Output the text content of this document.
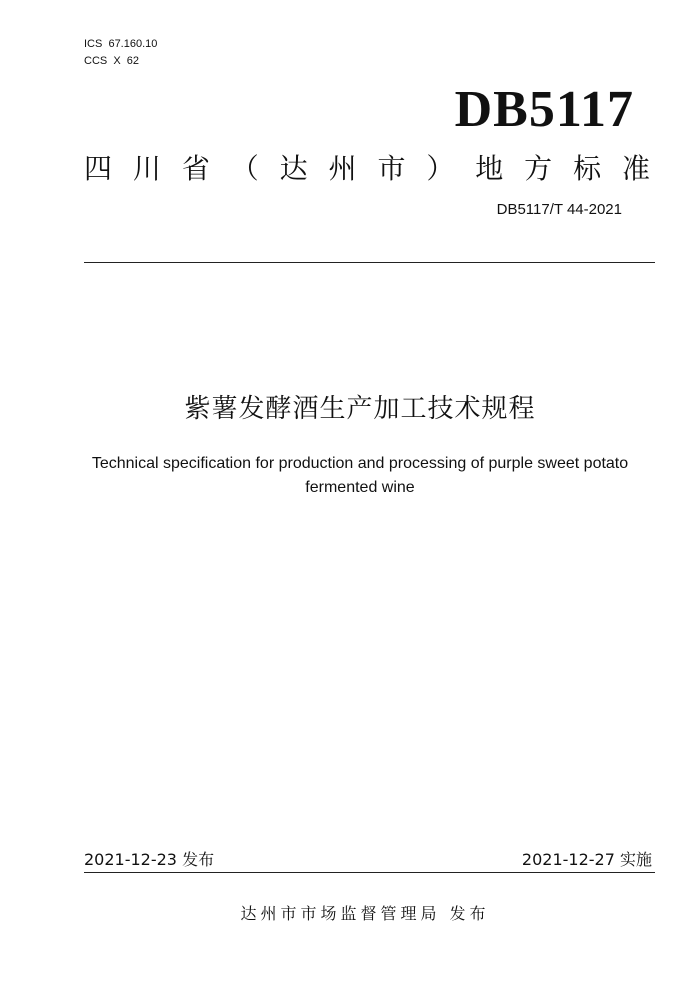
ICS  67.160.10
CCS  X  62
DB5117
四 川 省 （ 达 州 市 ） 地 方 标 准
DB5117/T 44-2021
紫薯发酵酒生产加工技术规程
Technical specification for production and processing of purple sweet potato
fermented wine
2021-12-23 发布	2021-12-27 实施
达州市市场监督管理局 发布
